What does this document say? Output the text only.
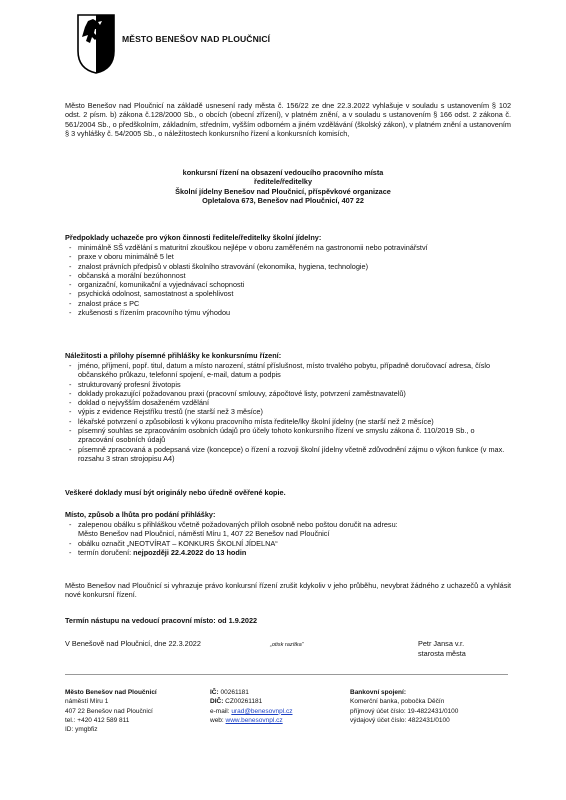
MĚSTO BENEŠOV NAD PLOUČNICÍ

Město Benešov nad Ploučnicí na základě usnesení rady města č. 156/22 ze dne 22.3.2022 vyhlašuje v souladu s ustanovením § 102 odst. 2 písm. b) zákona č.128/2000 Sb., o obcích (obecní zřízení), v platném znění, a v souladu s ustanovením § 166 odst. 2 zákona č. 561/2004 Sb., o předškolním, základním, středním, vyšším odborném a jiném vzdělávání (školský zákon), v platném znění a ustanovením § 3 vyhlášky č. 54/2005 Sb., o náležitostech konkursního řízení a konkursních komisích,

konkursní řízení na obsazení vedoucího pracovního místa
ředitele/ředitelky
Školní jídelny Benešov nad Ploučnicí, příspěvkové organizace
Opletalova 673, Benešov nad Ploučnicí, 407 22
Předpoklady uchazeče pro výkon činnosti ředitele/ředitelky školní jídelny:
- minimálně SŠ vzdělání s maturitní zkouškou nejlépe v oboru zaměřeném na gastronomii nebo potravinářství
- praxe v oboru minimálně 5 let
- znalost právních předpisů v oblasti školního stravování (ekonomika, hygiena, technologie)
- občanská a morální bezúhonnost
- organizační, komunikační a vyjednávací schopnosti
- psychická odolnost, samostatnost a spolehlivost
- znalost práce s PC
- zkušenosti s řízením pracovního týmu výhodou
Náležitosti a přílohy písemné přihlášky ke konkursnímu řízení:
- jméno, příjmení, popř. titul, datum a místo narození, státní příslušnost, místo trvalého pobytu, případně doručovací adresa, číslo občanského průkazu, telefonní spojení, e-mail, datum a podpis
- strukturovaný profesní životopis
- doklady prokazující požadovanou praxi (pracovní smlouvy, zápočtové listy, potvrzení zaměstnavatelů)
- doklad o nejvyšším dosaženém vzdělání
- výpis z evidence Rejstříku trestů (ne starší než 3 měsíce)
- lékařské potvrzení o způsobilosti k výkonu pracovního místa ředitele/lky školní jídelny (ne starší než 2 měsíce)
- písemný souhlas se zpracováním osobních údajů pro účely tohoto konkursního řízení ve smyslu zákona č. 110/2019 Sb., o zpracování osobních údajů
- písemně zpracovaná a podepsaná vize (koncepce) o řízení a rozvoji školní jídelny včetně zdůvodnění zájmu o výkon funkce (v max. rozsahu 3 stran strojopisu A4)
Veškeré doklady musí být originály nebo úředně ověřené kopie.
Místo, způsob a lhůta pro podání přihlášky:
- zalepenou obálku s přihláškou včetně požadovaných příloh osobně nebo poštou doručit na adresu:
Město Benešov nad Ploučnicí, náměstí Míru 1, 407 22 Benešov nad Ploučnicí
- obálku označit „NEOTVÍRAT – KONKURS ŠKOLNÍ JÍDELNA“
- termín doručení: nejpozději 22.4.2022 do 13 hodin
Město Benešov nad Ploučnicí si vyhrazuje právo konkursní řízení zrušit kdykoliv v jeho průběhu, nevybrat žádného z uchazečů a vyhlásit nové konkursní řízení.
Termín nástupu na vedoucí pracovní místo: od 1.9.2022
V Benešově nad Ploučnicí, dne 22.3.2022	„otisk razítka“	Petr Jansa v.r.
starosta města
Město Benešov nad Ploučnicí
náměstí Míru 1
407 22 Benešov nad Ploučnicí
tel.: +420 412 589 811
ID: ymgbfiz
IČ: 00261181
DIČ: CZ00261181
e-mail: urad@benesovnpl.cz
web: www.benesovnpl.cz
Bankovní spojení:
Komerční banka, pobočka Děčín
příjmový účet číslo: 19-4822431/0100
výdajový účet číslo: 4822431/0100
